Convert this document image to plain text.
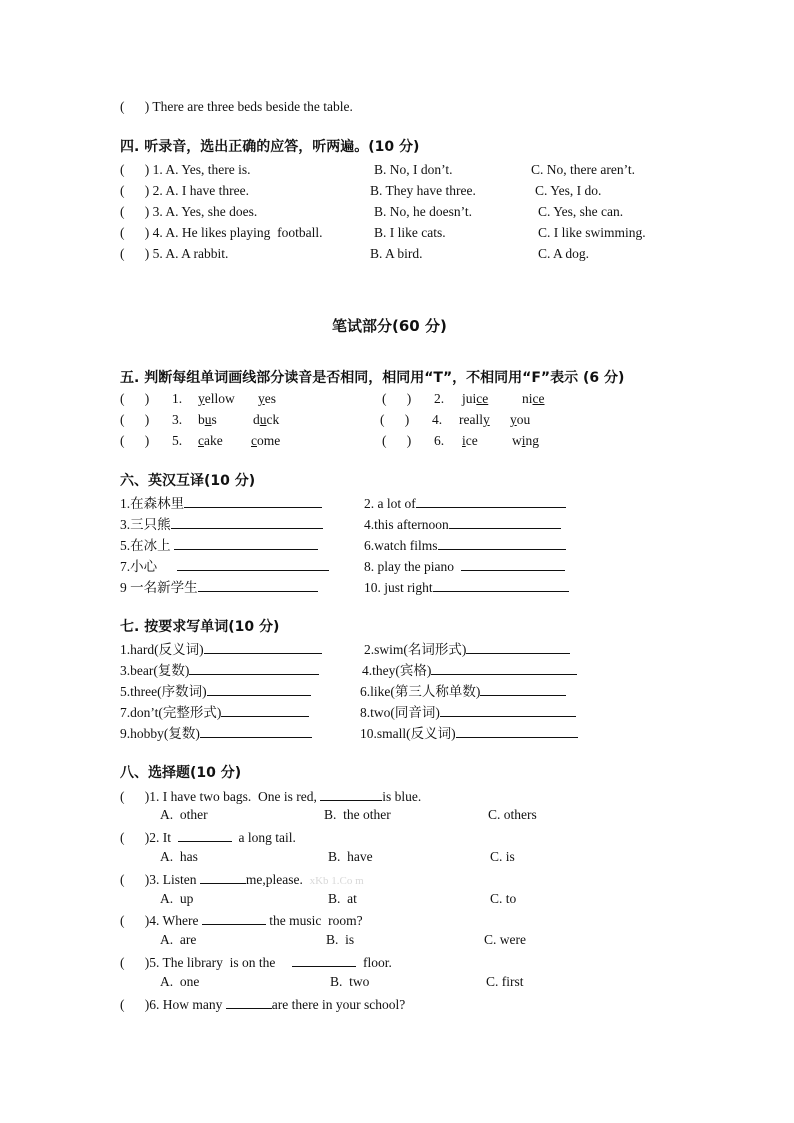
(      ) There are three beds beside the table.
四. 听录音，选出正确的应答，听两遍。(10 分)
(      ) 1. A. Yes, there is.	B. No, I don’t.	C. No, there aren’t.
(      ) 2. A. I have three.	B. They have three.	C. Yes, I do.
(      ) 3. A. Yes, she does.	B. No, he doesn’t.	C. Yes, she can.
(      ) 4. A. He likes playing  football.	B. I like cats.	C. I like swimming.
(      ) 5. A. A rabbit.	B. A bird.	C. A dog.
笔试部分(60 分)
五. 判断每组单词画线部分读音是否相同，相同用“T”，不相同用“F”表示 (6 分)
(      ) 1. yellow yes	(      ) 2. juice	nice
(      ) 3. bus	duck	(      ) 4. really you
(      ) 5. cake come	(      ) 6. ice	wing
六、英汉互译(10 分)
1.在森林里	2. a lot of
3.三只熊	4.this afternoon
5.在冰上	6.watch films
7.小心	8. play the piano
9 一名新学生	10. just right
七. 按要求写单词(10 分)
1.hard(反义词)	2.swim(名词形式)
3.bear(复数)	4.they(宾格)
5.three(序数词)	6.like(第三人称单数)
7.don’t(完整形式)	8.two(同音词)
9.hobby(复数)	10.small(反义词)
八、选择题(10 分)
(      )1. I have two bags.  One is red,	is blue.
A.  other	B.  the other	C. others
(      )2. It	a long tail.
A.  has	B.  have	C. is
(      )3. Listen	me,please. xKb 1.Co m
A.  up	B.  at	C. to
(      )4. Where	the music  room?
A.  are	B.  is	C. were
(      )5. The library  is on the	floor.
A.  one	B.  two	C. first
(      )6. How many	are there in your school?
